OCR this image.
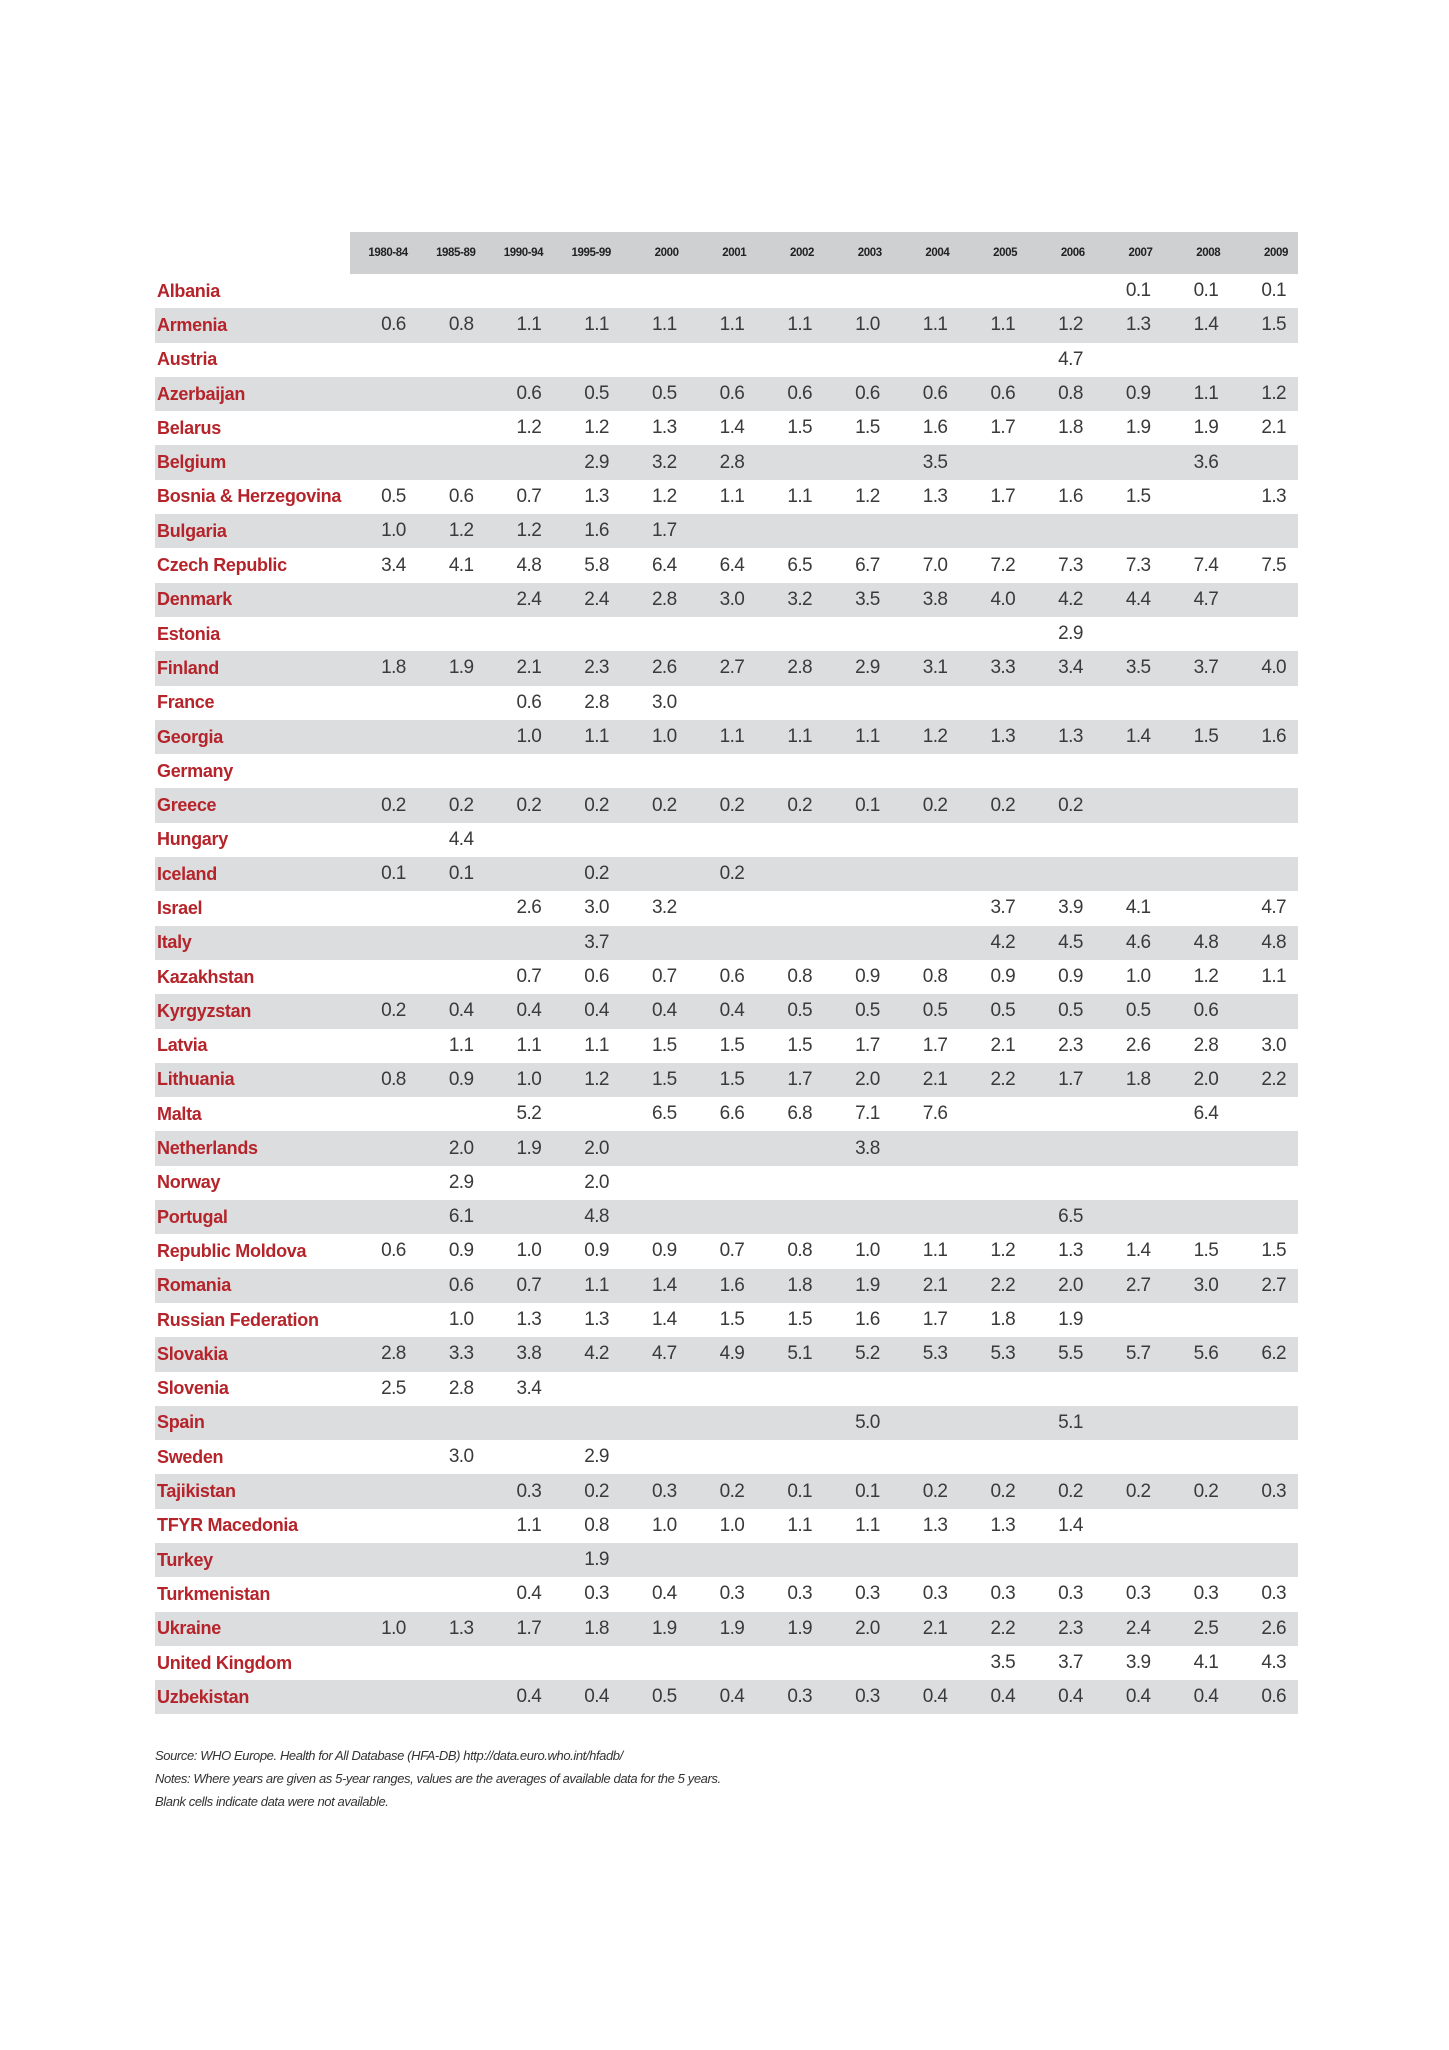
	1980-84	1985-89	1990-94	1995-99	2000	2001	2002	2003	2004	2005	2006	2007	2008	2009
Albania												0.1	0.1	0.1
Armenia	0.6	0.8	1.1	1.1	1.1	1.1	1.1	1.0	1.1	1.1	1.2	1.3	1.4	1.5
Austria											4.7			
Azerbaijan			0.6	0.5	0.5	0.6	0.6	0.6	0.6	0.6	0.8	0.9	1.1	1.2
Belarus			1.2	1.2	1.3	1.4	1.5	1.5	1.6	1.7	1.8	1.9	1.9	2.1
Belgium				2.9	3.2	2.8			3.5				3.6	
Bosnia & Herzegovina	0.5	0.6	0.7	1.3	1.2	1.1	1.1	1.2	1.3	1.7	1.6	1.5		1.3
Bulgaria	1.0	1.2	1.2	1.6	1.7									
Czech Republic	3.4	4.1	4.8	5.8	6.4	6.4	6.5	6.7	7.0	7.2	7.3	7.3	7.4	7.5
Denmark			2.4	2.4	2.8	3.0	3.2	3.5	3.8	4.0	4.2	4.4	4.7	
Estonia											2.9			
Finland	1.8	1.9	2.1	2.3	2.6	2.7	2.8	2.9	3.1	3.3	3.4	3.5	3.7	4.0
France			0.6	2.8	3.0									
Georgia			1.0	1.1	1.0	1.1	1.1	1.1	1.2	1.3	1.3	1.4	1.5	1.6
Germany														
Greece	0.2	0.2	0.2	0.2	0.2	0.2	0.2	0.1	0.2	0.2	0.2			
Hungary		4.4												
Iceland	0.1	0.1		0.2		0.2								
Israel			2.6	3.0	3.2					3.7	3.9	4.1		4.7
Italy				3.7						4.2	4.5	4.6	4.8	4.8
Kazakhstan			0.7	0.6	0.7	0.6	0.8	0.9	0.8	0.9	0.9	1.0	1.2	1.1
Kyrgyzstan	0.2	0.4	0.4	0.4	0.4	0.4	0.5	0.5	0.5	0.5	0.5	0.5	0.6	
Latvia		1.1	1.1	1.1	1.5	1.5	1.5	1.7	1.7	2.1	2.3	2.6	2.8	3.0
Lithuania	0.8	0.9	1.0	1.2	1.5	1.5	1.7	2.0	2.1	2.2	1.7	1.8	2.0	2.2
Malta			5.2		6.5	6.6	6.8	7.1	7.6				6.4	
Netherlands		2.0	1.9	2.0				3.8						
Norway		2.9		2.0										
Portugal		6.1		4.8							6.5			
Republic Moldova	0.6	0.9	1.0	0.9	0.9	0.7	0.8	1.0	1.1	1.2	1.3	1.4	1.5	1.5
Romania		0.6	0.7	1.1	1.4	1.6	1.8	1.9	2.1	2.2	2.0	2.7	3.0	2.7
Russian Federation		1.0	1.3	1.3	1.4	1.5	1.5	1.6	1.7	1.8	1.9			
Slovakia	2.8	3.3	3.8	4.2	4.7	4.9	5.1	5.2	5.3	5.3	5.5	5.7	5.6	6.2
Slovenia	2.5	2.8	3.4											
Spain								5.0			5.1			
Sweden		3.0		2.9										
Tajikistan			0.3	0.2	0.3	0.2	0.1	0.1	0.2	0.2	0.2	0.2	0.2	0.3
TFYR Macedonia			1.1	0.8	1.0	1.0	1.1	1.1	1.3	1.3	1.4			
Turkey				1.9										
Turkmenistan			0.4	0.3	0.4	0.3	0.3	0.3	0.3	0.3	0.3	0.3	0.3	0.3
Ukraine	1.0	1.3	1.7	1.8	1.9	1.9	1.9	2.0	2.1	2.2	2.3	2.4	2.5	2.6
United Kingdom										3.5	3.7	3.9	4.1	4.3
Uzbekistan			0.4	0.4	0.5	0.4	0.3	0.3	0.4	0.4	0.4	0.4	0.4	0.6
Source: WHO Europe. Health for All Database (HFA-DB) http://data.euro.who.int/hfadb/
Notes: Where years are given as 5-year ranges, values are the averages of available data for the 5 years.
Blank cells indicate data were not available.
